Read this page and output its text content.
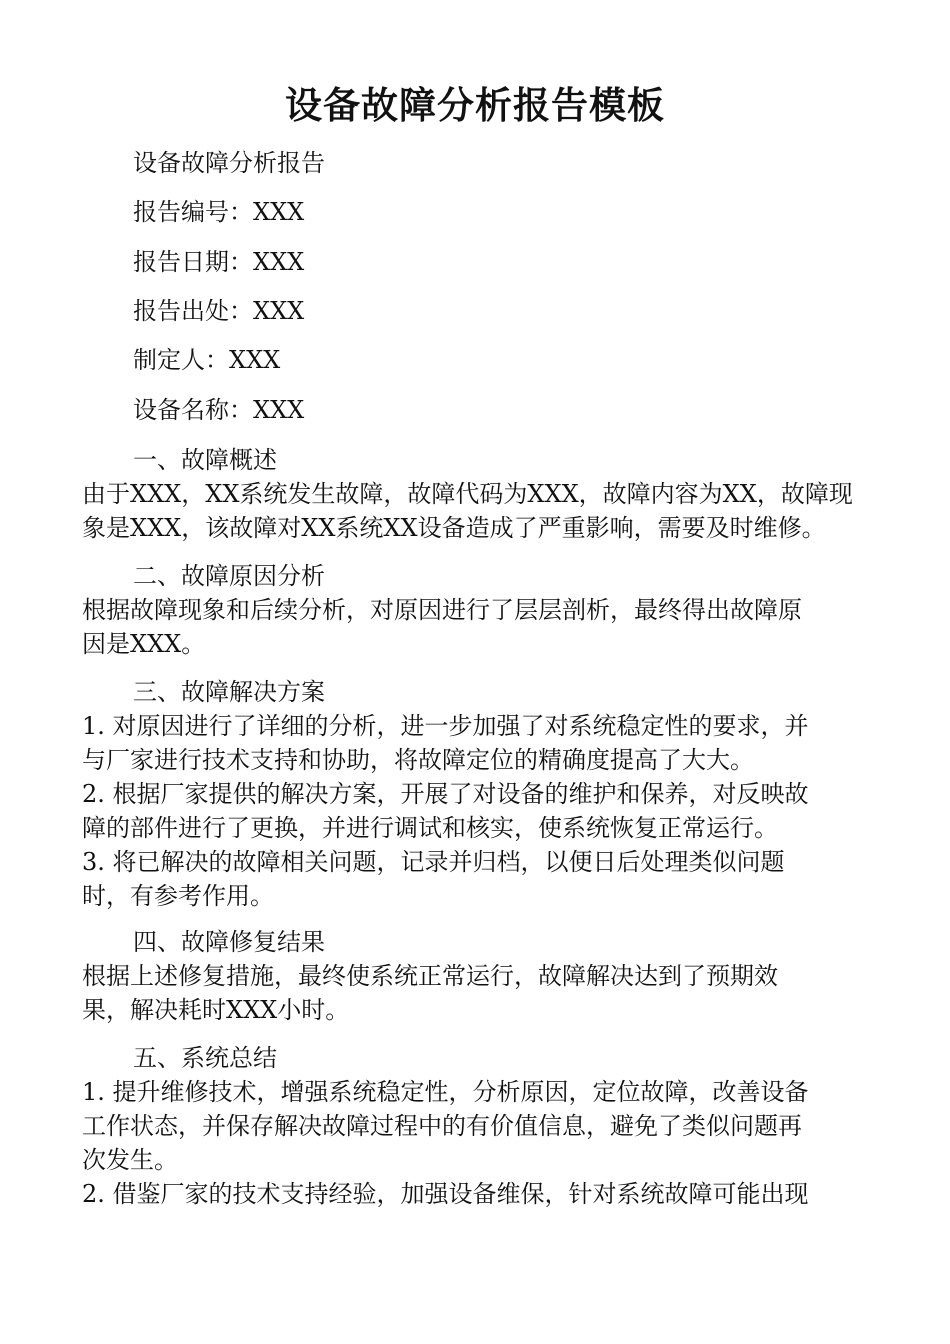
设备故障分析报告模板
设备故障分析报告
报告编号：XXX
报告日期：XXX
报告出处：XXX
制定人：XXX
设备名称：XXX
一、故障概述
由于XXX，XX系统发生故障，故障代码为XXX，故障内容为XX，故障现
象是XXX，该故障对XX系统XX设备造成了严重影响，需要及时维修。
二、故障原因分析
根据故障现象和后续分析，对原因进行了层层剖析，最终得出故障原
因是XXX。
三、故障解决方案
1. 对原因进行了详细的分析，进一步加强了对系统稳定性的要求，并
与厂家进行技术支持和协助，将故障定位的精确度提高了大大。
2. 根据厂家提供的解决方案，开展了对设备的维护和保养，对反映故
障的部件进行了更换，并进行调试和核实，使系统恢复正常运行。
3. 将已解决的故障相关问题，记录并归档，以便日后处理类似问题
时，有参考作用。
四、故障修复结果
根据上述修复措施，最终使系统正常运行，故障解决达到了预期效
果，解决耗时XXX小时。
五、系统总结
1. 提升维修技术，增强系统稳定性，分析原因，定位故障，改善设备
工作状态，并保存解决故障过程中的有价值信息，避免了类似问题再
次发生。
2. 借鉴厂家的技术支持经验，加强设备维保，针对系统故障可能出现
